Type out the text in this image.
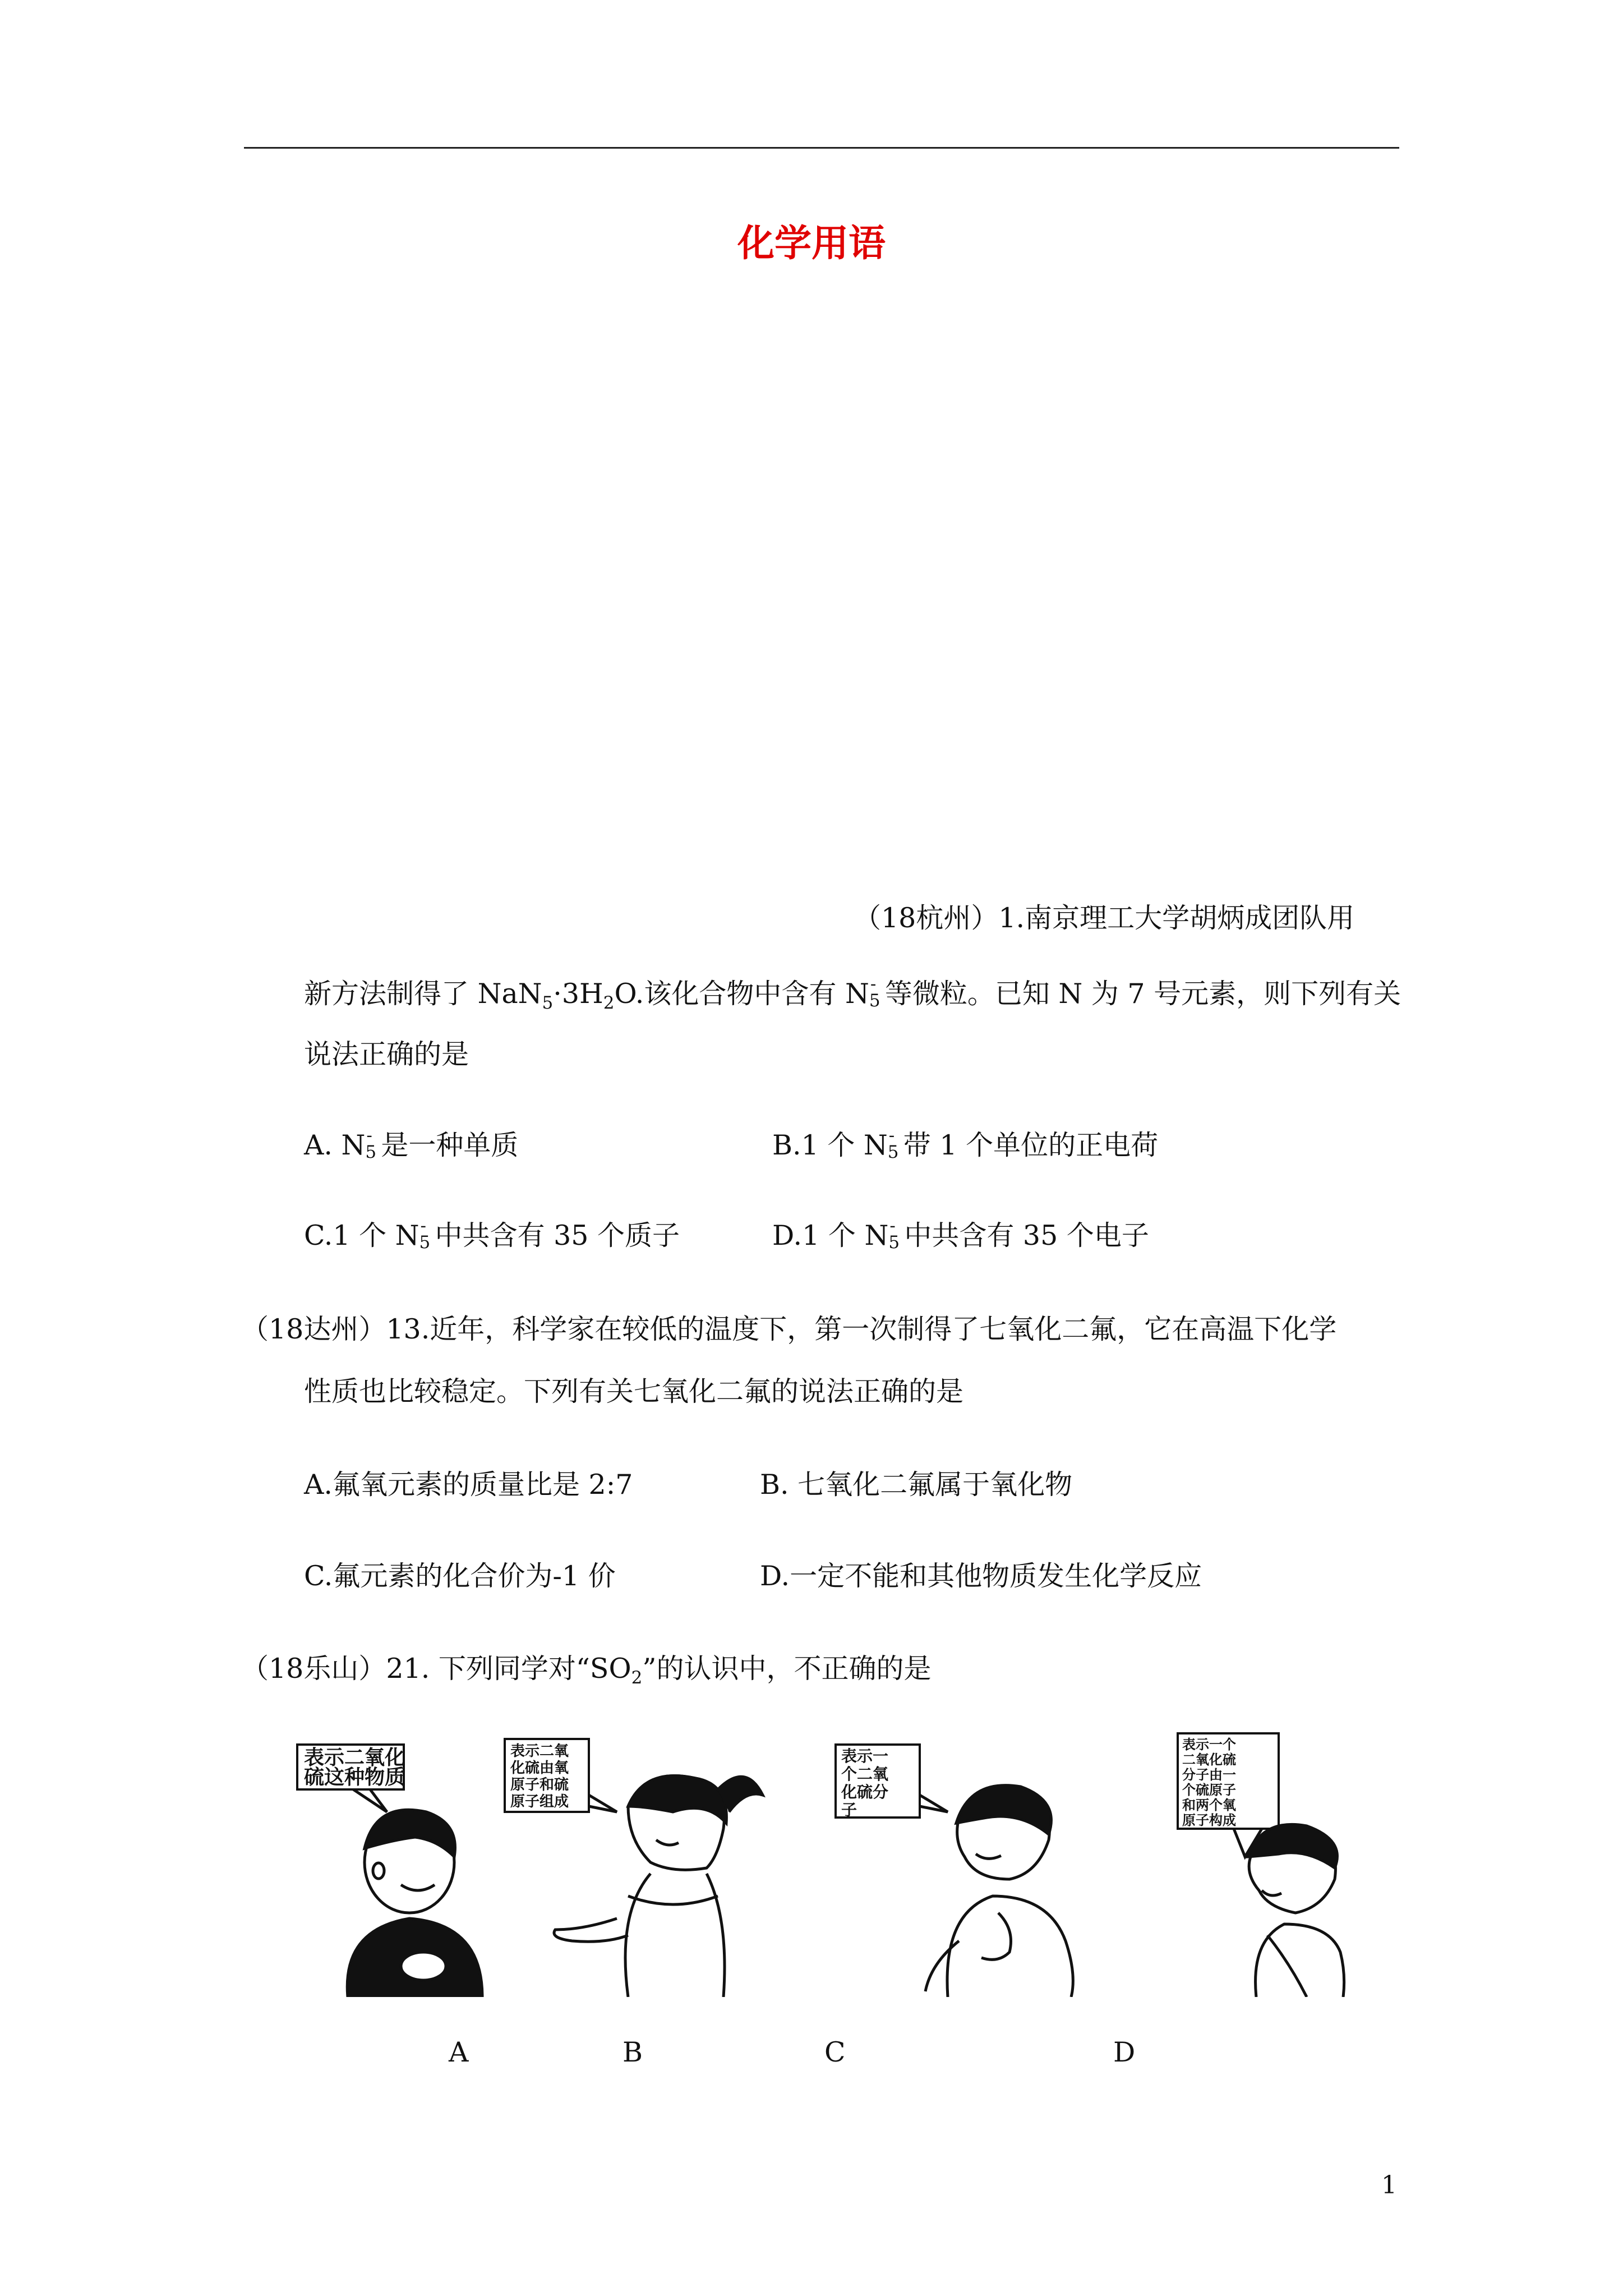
化学用语
（18杭州）1.南京理工大学胡炳成团队用
新方法制得了 $NaN_5\cdot 3H_2O$.该化合物中含有 N -
5 等微粒。已知 N 为 7 号元素，则下列有关
说法正确的是
A. N -
5 是一种单质	B.1 个 N -
5 带 1 个单位的正电荷
C.1 个 N -
5 中共含有 35 个质子	D.1 个 N -
5 中共含有 35 个电子
（18达州）13.近年，科学家在较低的温度下，第一次制得了七氧化二氟，它在高温下化学
性质也比较稳定。下列有关七氧化二氟的说法正确的是
A.氟氧元素的质量比是 2:7	B. 七氧化二氟属于氧化物
C.氟元素的化合价为-1 价	D.一定不能和其他物质发生化学反应
（18乐山）21. 下列同学对“$SO_2$”的认识中，不正确的是
表示二氧化
硫这种物质
表示二氧
化硫由氧
原子和硫
原子组成
表示一
个二氧
化硫分
子
表示一个
二氧化硫
分子由一
个硫原子
和两个氧
原子构成
A	B	C	D
1
